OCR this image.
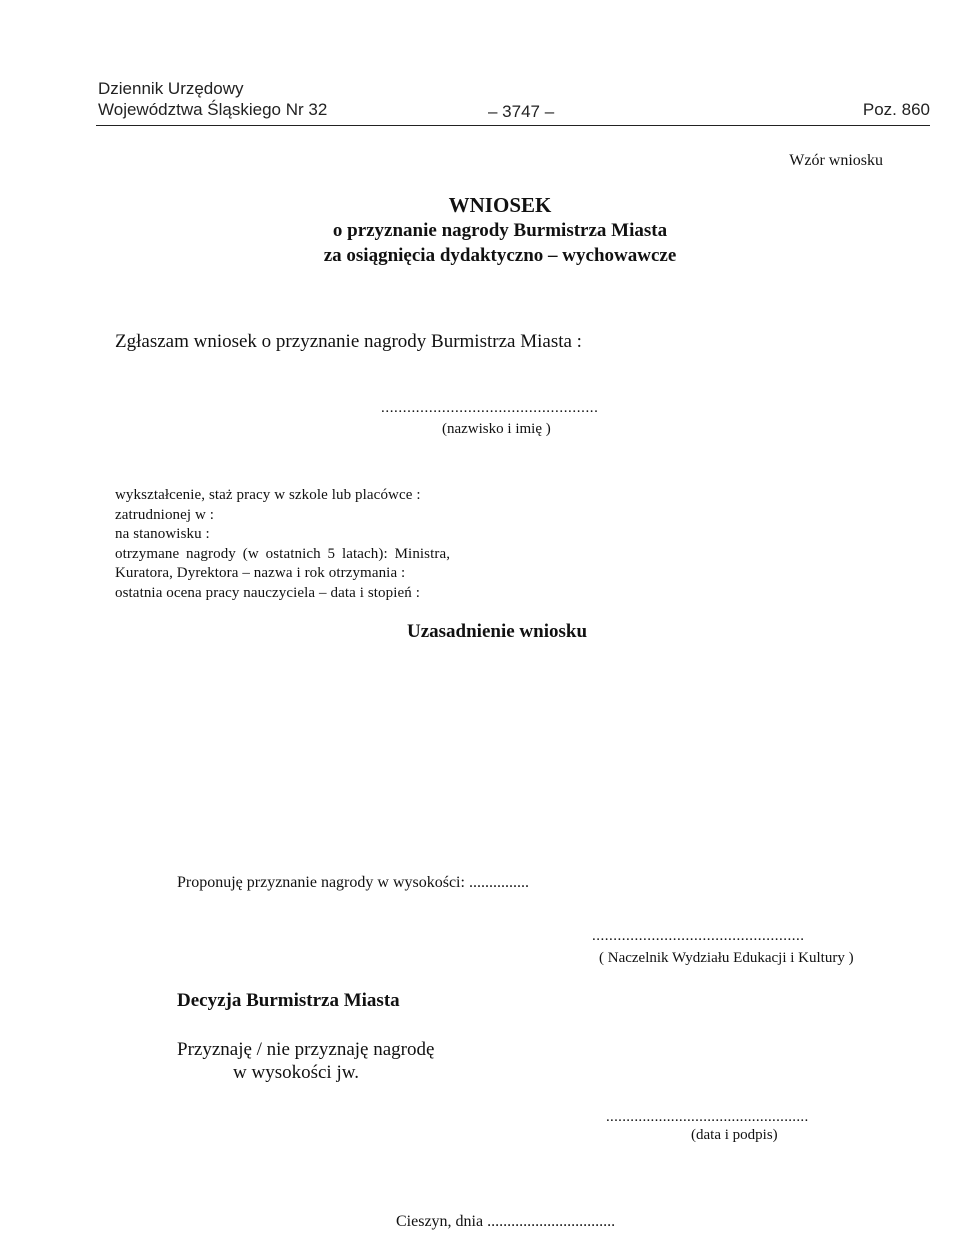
Dziennik Urzędowy
Województwa Śląskiego Nr 32	– 3747 –	Poz. 860
Wzór wniosku
WNIOSEK
o przyznanie nagrody Burmistrza Miasta
za osiągnięcia dydaktyczno – wychowawcze
Zgłaszam wniosek o przyznanie nagrody Burmistrza Miasta :
..................................................
(nazwisko i imię )
wykształcenie, staż pracy w szkole lub placówce :
zatrudnionej w :
na stanowisku :
otrzymane nagrody (w ostatnich 5 latach): Ministra,
Kuratora, Dyrektora – nazwa i rok otrzymania :
ostatnia ocena pracy nauczyciela – data i stopień :
Uzasadnienie wniosku
Proponuję przyznanie nagrody w wysokości: ...............
..................................................
( Naczelnik Wydziału Edukacji i Kultury )
Decyzja Burmistrza Miasta
Przyznaję / nie przyznaję nagrodę
w wysokości jw.
..................................................
(data i podpis)
Cieszyn, dnia ................................
